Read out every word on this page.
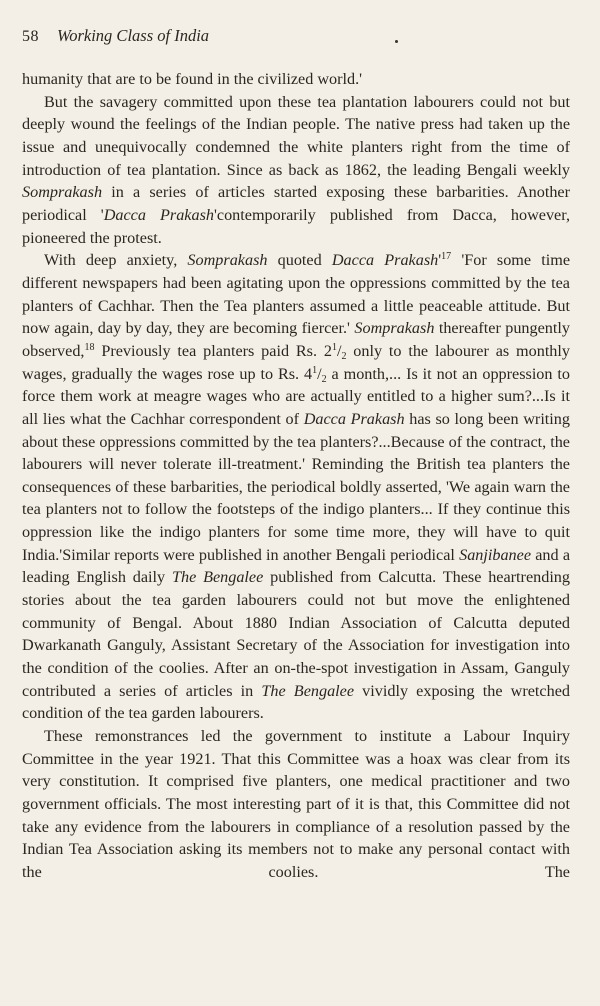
58 Working Class of India

humanity that are to be found in the civilized world.'

But the savagery committed upon these tea plantation labourers could not but deeply wound the feelings of the Indian people. The native press had taken up the issue and unequivocally condemned the white planters right from the time of introduction of tea plantation. Since as back as 1862, the leading Bengali weekly Somprakash in a series of articles started exposing these barbarities. Another periodical 'Dacca Prakash'contemporarily published from Dacca, however, pioneered the protest.

With deep anxiety, Somprakash quoted Dacca $Prakash'^{17}$ 'For some time different newspapers had been agitating upon the oppressions committed by the tea planters of Cachhar. Then the Tea planters assumed a little peaceable attitude. But now again, day by day, they are becoming fiercer.' Somprakash thereafter pungently observed,$^{18}$ Previously tea planters paid Rs. $2^1/2$ only to the labourer as monthly wages, gradually the wages rose up to Rs. $4^1/2$ a month,... Is it not an oppression to force them work at meagre wages who are actually entitled to a higher sum?...Is it all lies what the Cachhar correspondent of Dacca Prakash has so long been writing about these oppressions committed by the tea planters?...Because of the contract, the labourers will never tolerate ill-treatment.' Reminding the British tea planters the consequences of these barbarities, the periodical boldly asserted, 'We again warn the tea planters not to follow the footsteps of the indigo planters... If they continue this oppression like the indigo planters for some time more, they will have to quit India.'Similar reports were published in another Bengali periodical Sanjibanee and a leading English daily The Bengalee published from Calcutta. These heartrending stories about the tea garden labourers could not but move the enlightened community of Bengal. About 1880 Indian Association of Calcutta deputed Dwarkanath Ganguly, Assistant Secretary of the Association for investigation into the condition of the coolies. After an on-the-spot investigation in Assam, Ganguly contributed a series of articles in The Bengalee vividly exposing the wretched condition of the tea garden labourers.

These remonstrances led the government to institute a Labour Inquiry Committee in the year 1921. That this Committee was a hoax was clear from its very constitution. It comprised five planters, one medical practitioner and two government officials. The most interesting part of it is that, this Committee did not take any evidence from the labourers in compliance of a resolution passed by the Indian Tea Association asking its members not to make any personal contact with the coolies. The
